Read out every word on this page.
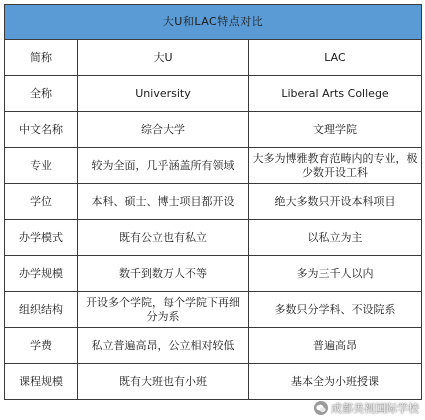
大U和LAC特点对比		
简称	大U	LAC
全称	University	Liberal Arts College
中文名称	综合大学	文理学院
专业	较为全面，几乎涵盖所有领域	大多为博雅教育范畴内的专业，极少数开设工科
学位	本科、硕士、博士项目都开设	绝大多数只开设本科项目
办学模式	既有公立也有私立	以私立为主
办学规模	数千到数万人不等	多为三千人以内
组织结构	开设多个学院，每个学院下再细分为系	多数只分学科、不设院系
学费	私立普遍高昂，公立相对较低	普遍高昂
课程规模	既有大班也有小班	基本全为小班授课
成都美视国际学校
